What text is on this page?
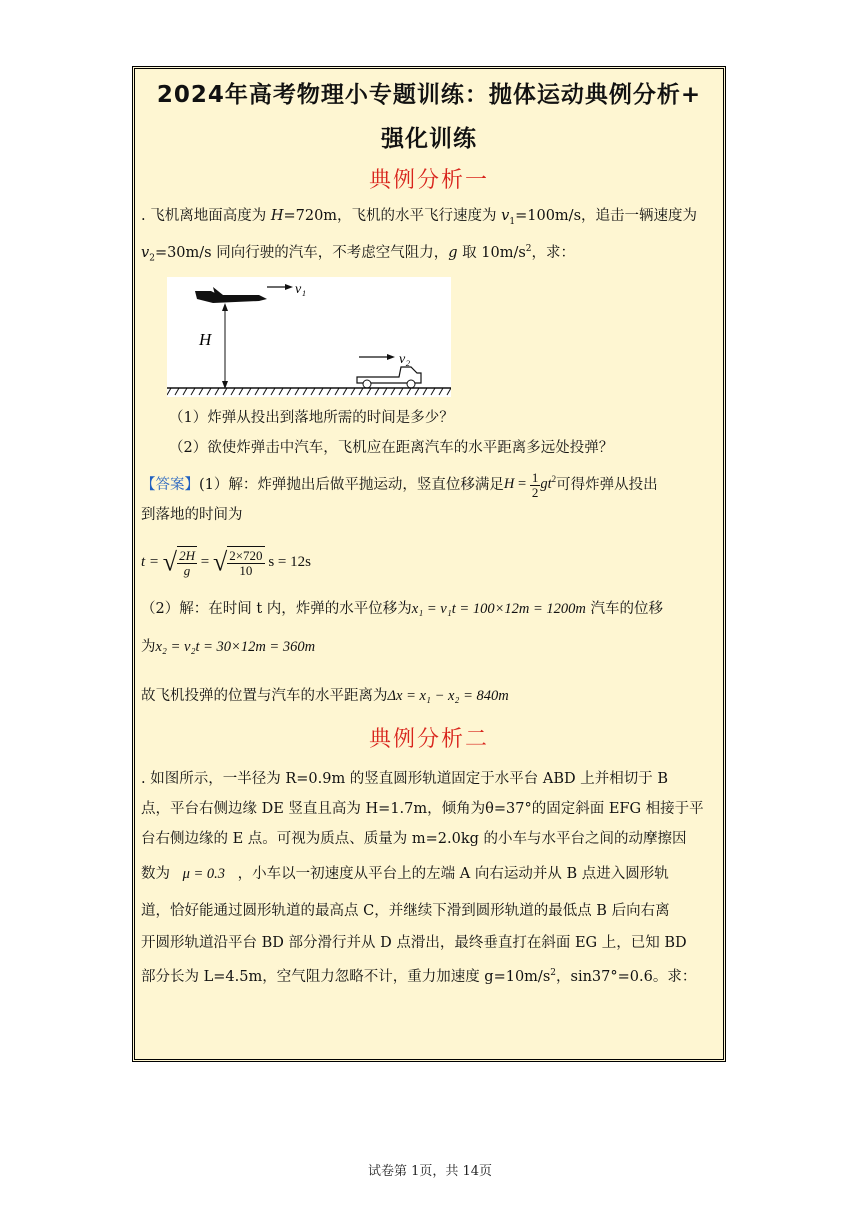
2024年高考物理小专题训练：抛体运动典例分析+
强化训练
典例分析一

. 飞机离地面高度为 H=720m，飞机的水平飞行速度为 $v_1=100m/s$，追击一辆速度为
$v_2=30m/s$ 同向行驶的汽车，不考虑空气阻力，g 取 $10m/s^2$，求：

v₁
H
v₂

（1）炸弹从投出到落地所需的时间是多少？

（2）欲使炸弹击中汽车，飞机应在距离汽车的水平距离多远处投弹？

【答案】(1）解：炸弹抛出后做平抛运动，竖直位移满足$H = \frac{1}{2} gt^2$可得炸弹从投出
到落地的时间为

t = √ $\frac{2H}{g}$ = √ $\frac{2\times 720}{10}$ s = 12s

（2）解：在时间 t 内，炸弹的水平位移为x₁ = v₁t = 100×12m = 1200m 汽车的位移
为x₂ = v₂t = 30×12m = 360m

故飞机投弹的位置与汽车的水平距离为Δx = x₁ − x₂ = 840m

典例分析二

. 如图所示，一半径为 R=0.9m 的竖直圆形轨道固定于水平台 ABD 上并相切于 B

点，平台右侧边缘 DE 竖直且高为 H=1.7m，倾角为θ=37°的固定斜面 EFG 相接于平

台右侧边缘的 E 点。可视为质点、质量为 m=2.0kg 的小车与水平台之间的动摩擦因

数为 μ = 0.3 ，小车以一初速度从平台上的左端 A 向右运动并从 B 点进入圆形轨

道，恰好能通过圆形轨道的最高点 C，并继续下滑到圆形轨道的最低点 B 后向右离

开圆形轨道沿平台 BD 部分滑行并从 D 点滑出，最终垂直打在斜面 EG 上，已知 BD

部分长为 L=4.5m，空气阻力忽略不计，重力加速度 $g=10m/s^2$，sin37°=0.6。求：

试卷第 1页，共 14页
